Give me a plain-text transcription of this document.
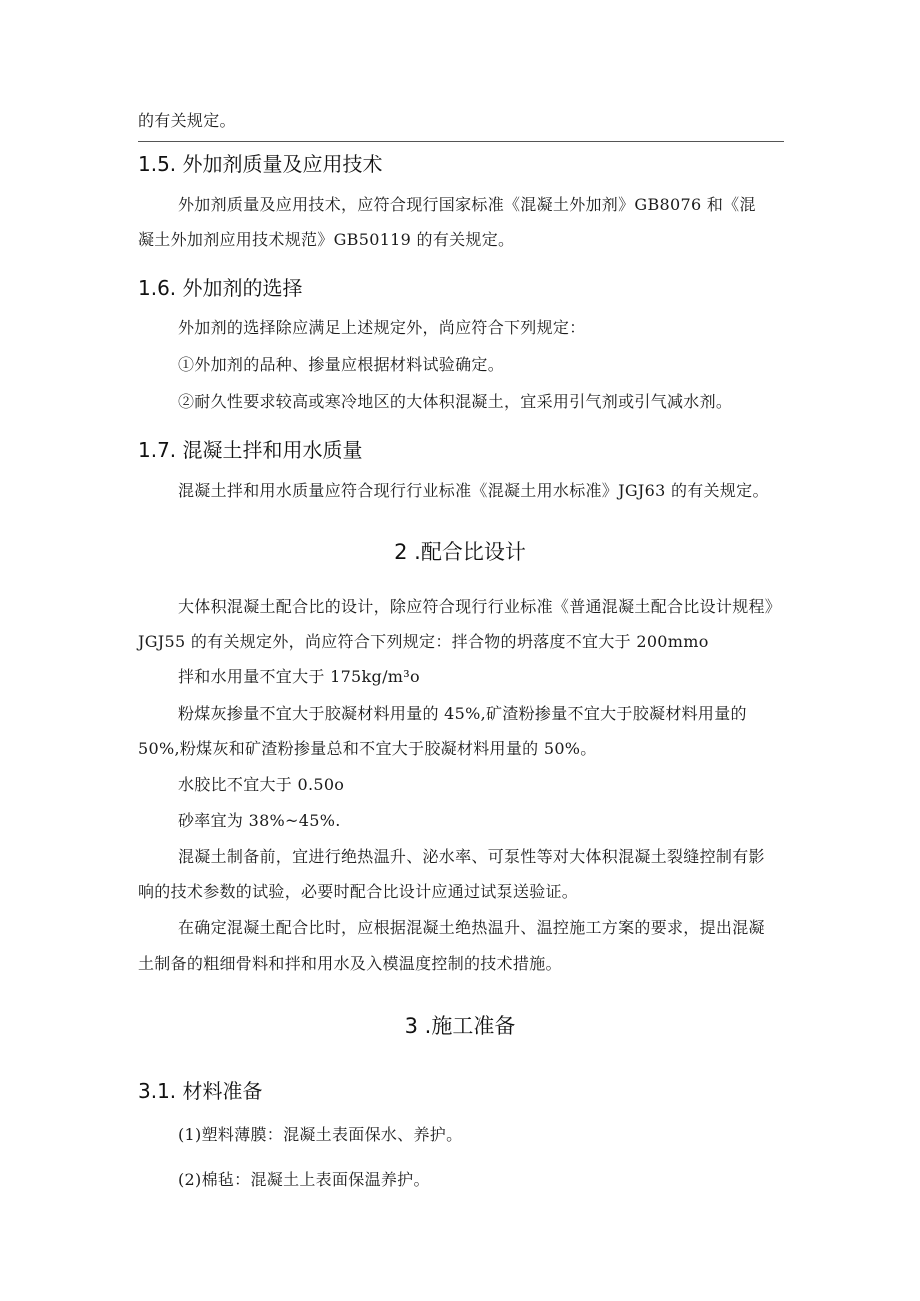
的有关规定。
1.5. 外加剂质量及应用技术
外加剂质量及应用技术，应符合现行国家标准《混凝土外加剂》GB8076 和《混
凝土外加剂应用技术规范》GB50119 的有关规定。
1.6. 外加剂的选择
外加剂的选择除应满足上述规定外，尚应符合下列规定：
①外加剂的品种、掺量应根据材料试验确定。
②耐久性要求较高或寒冷地区的大体积混凝土，宜采用引气剂或引气减水剂。
1.7. 混凝土拌和用水质量
混凝土拌和用水质量应符合现行行业标准《混凝土用水标准》JGJ63 的有关规定。
2 .配合比设计
大体积混凝土配合比的设计，除应符合现行行业标准《普通混凝土配合比设计规程》
JGJ55 的有关规定外，尚应符合下列规定：拌合物的坍落度不宜大于 200mmo
拌和水用量不宜大于 175kg∕m³o
粉煤灰掺量不宜大于胶凝材料用量的 45%,矿渣粉掺量不宜大于胶凝材料用量的
50%,粉煤灰和矿渣粉掺量总和不宜大于胶凝材料用量的 50%。
水胶比不宜大于 0.50o
砂率宜为 38%~45%.
混凝土制备前，宜进行绝热温升、泌水率、可泵性等对大体积混凝土裂缝控制有影
响的技术参数的试验，必要时配合比设计应通过试泵送验证。
在确定混凝土配合比时，应根据混凝土绝热温升、温控施工方案的要求，提出混凝
土制备的粗细骨料和拌和用水及入模温度控制的技术措施。
3 .施工准备
3.1. 材料准备
(1)塑料薄膜：混凝土表面保水、养护。
(2)棉毡：混凝土上表面保温养护。
